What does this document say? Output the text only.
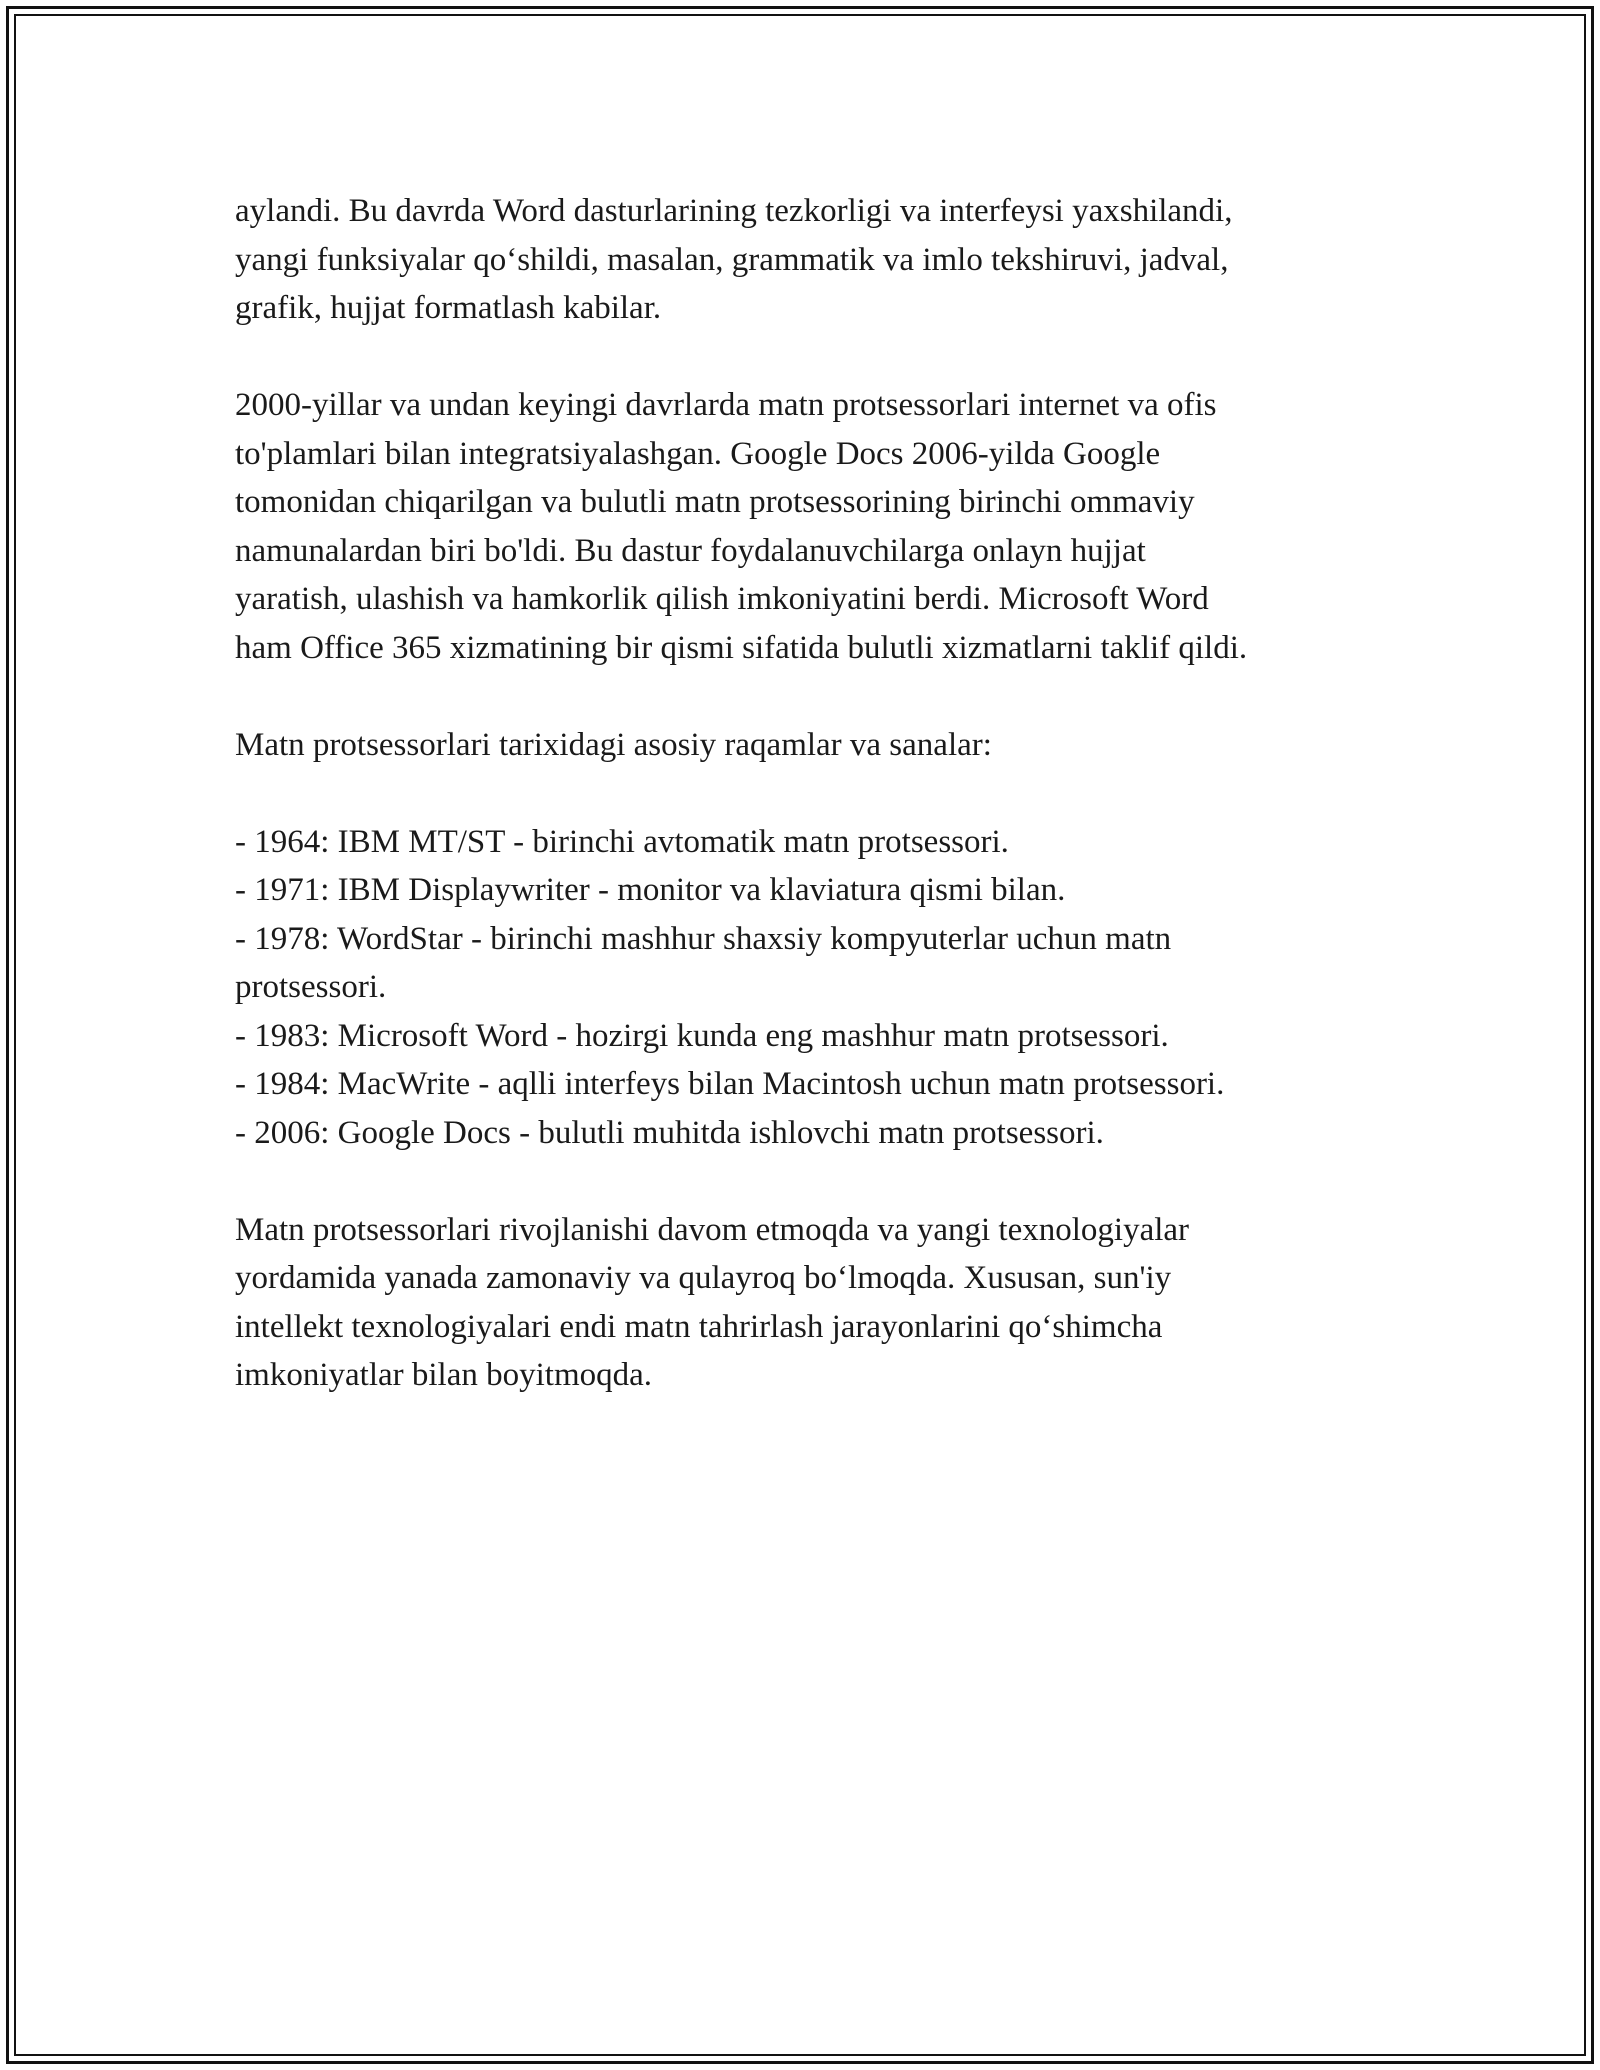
aylandi. Bu davrda Word dasturlarining tezkorligi va interfeysi yaxshilandi,
yangi funksiyalar qo‘shildi, masalan, grammatik va imlo tekshiruvi, jadval,
grafik, hujjat formatlash kabilar.

2000-yillar va undan keyingi davrlarda matn protsessorlari internet va ofis
to'plamlari bilan integratsiyalashgan. Google Docs 2006-yilda Google
tomonidan chiqarilgan va bulutli matn protsessorining birinchi ommaviy
namunalardan biri bo'ldi. Bu dastur foydalanuvchilarga onlayn hujjat
yaratish, ulashish va hamkorlik qilish imkoniyatini berdi. Microsoft Word
ham Office 365 xizmatining bir qismi sifatida bulutli xizmatlarni taklif qildi.

Matn protsessorlari tarixidagi asosiy raqamlar va sanalar:

- 1964: IBM MT/ST - birinchi avtomatik matn protsessori.
- 1971: IBM Displaywriter - monitor va klaviatura qismi bilan.
- 1978: WordStar - birinchi mashhur shaxsiy kompyuterlar uchun matn
protsessori.
- 1983: Microsoft Word - hozirgi kunda eng mashhur matn protsessori.
- 1984: MacWrite - aqlli interfeys bilan Macintosh uchun matn protsessori.
- 2006: Google Docs - bulutli muhitda ishlovchi matn protsessori.

Matn protsessorlari rivojlanishi davom etmoqda va yangi texnologiyalar
yordamida yanada zamonaviy va qulayroq bo‘lmoqda. Xususan, sun'iy
intellekt texnologiyalari endi matn tahrirlash jarayonlarini qo‘shimcha
imkoniyatlar bilan boyitmoqda.
